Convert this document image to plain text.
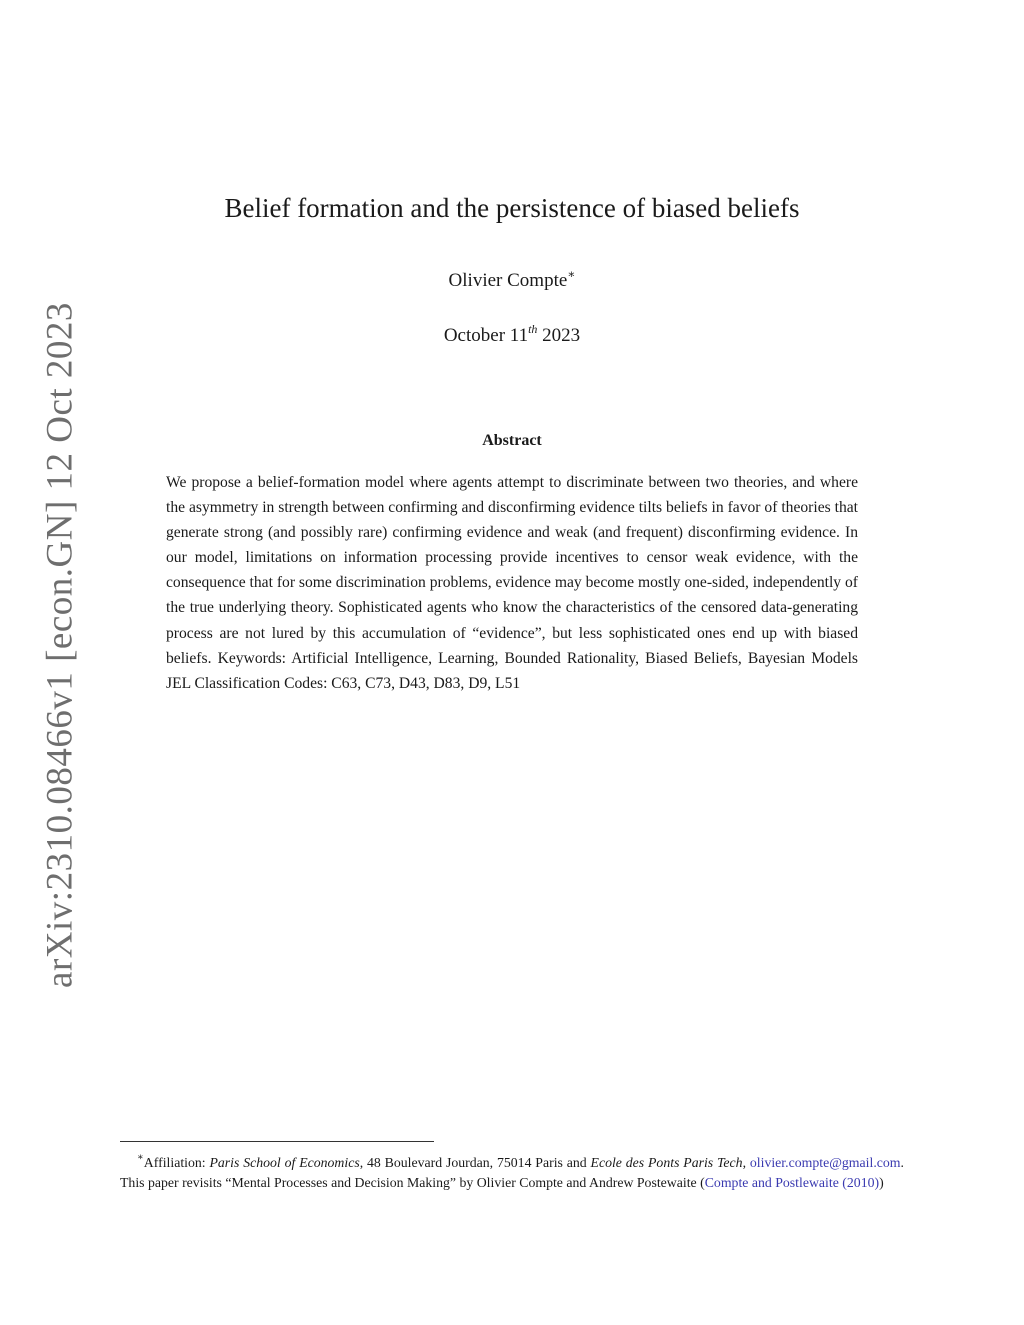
arXiv:2310.08466v1 [econ.GN] 12 Oct 2023
Belief formation and the persistence of biased beliefs
Olivier Compte∗
October 11th 2023
Abstract
We propose a belief-formation model where agents attempt to discriminate between two theories, and where the asymmetry in strength between confirming and disconfirming evidence tilts beliefs in favor of theories that generate strong (and possibly rare) confirming evidence and weak (and frequent) disconfirming evidence. In our model, limitations on information processing provide incentives to censor weak evidence, with the consequence that for some discrimination problems, evidence may become mostly one-sided, independently of the true underlying theory. Sophisticated agents who know the characteristics of the censored data-generating process are not lured by this accumulation of “evidence”, but less sophisticated ones end up with biased beliefs. Keywords: Artificial Intelligence, Learning, Bounded Rationality, Biased Beliefs, Bayesian Models JEL Classification Codes: C63, C73, D43, D83, D9, L51
∗Affiliation: Paris School of Economics, 48 Boulevard Jourdan, 75014 Paris and Ecole des Ponts Paris Tech, olivier.compte@gmail.com. This paper revisits “Mental Processes and Decision Making” by Olivier Compte and Andrew Postewaite (Compte and Postlewaite (2010))
